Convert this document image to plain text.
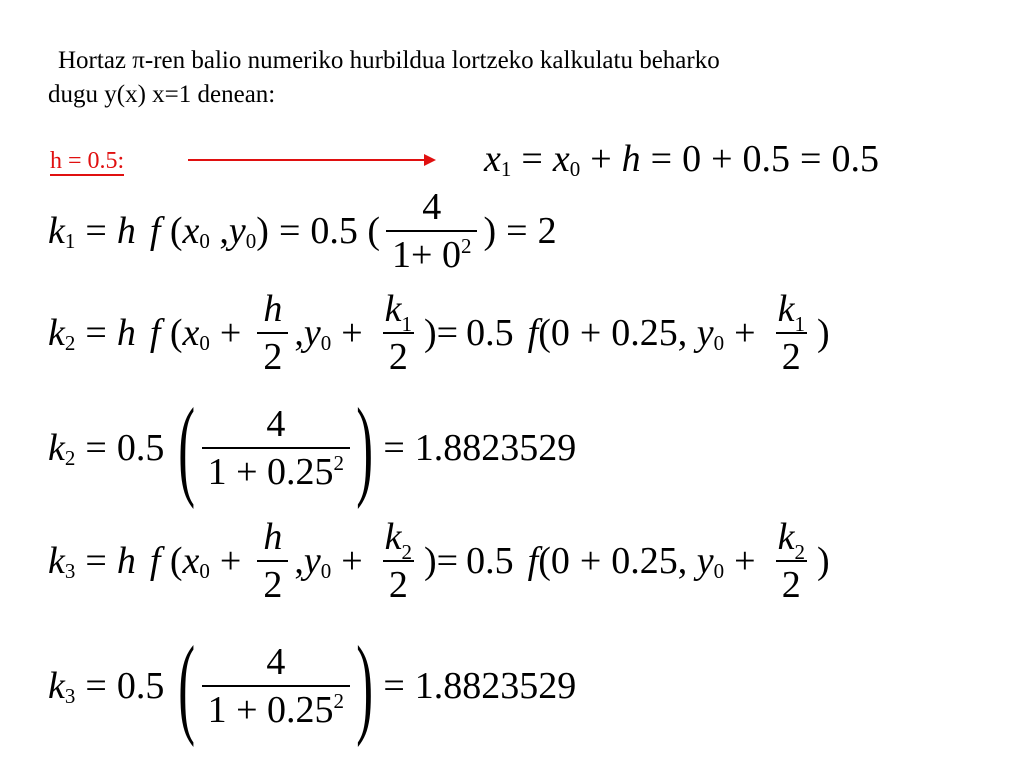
Hortaz π-ren balio numeriko hurbildua lortzeko kalkulatu beharko
dugu y(x) x=1 denean:
h = 0.5:	x 1 = x 0 + h = 0 + 0.5 = 0.5
k 1 = h f ( x 0 , y 0 ) = 0.5 ( $\frac{4}{1+ 0^2}$ ) = 2
k 2 = h f ( x $0 + \frac{h}{2}$ , y $0 + \frac{k_1}{2}$ )= 0.5 f (0 + 0.25 , y $0 + \frac{k_1}{2}$ )
k 2 = 0.5 ( $\frac{4}{1 + 0.25^2}$ ) = 1.8823529
k 3 = h f ( x $0 + \frac{h}{2}$ , y $0 + \frac{k_2}{2}$ )= 0.5 f (0 + 0.25 , y $0 + \frac{k_2}{2}$ )
k 3 = 0.5 ( $\frac{4}{1 + 0.25^2}$ ) = 1.8823529
